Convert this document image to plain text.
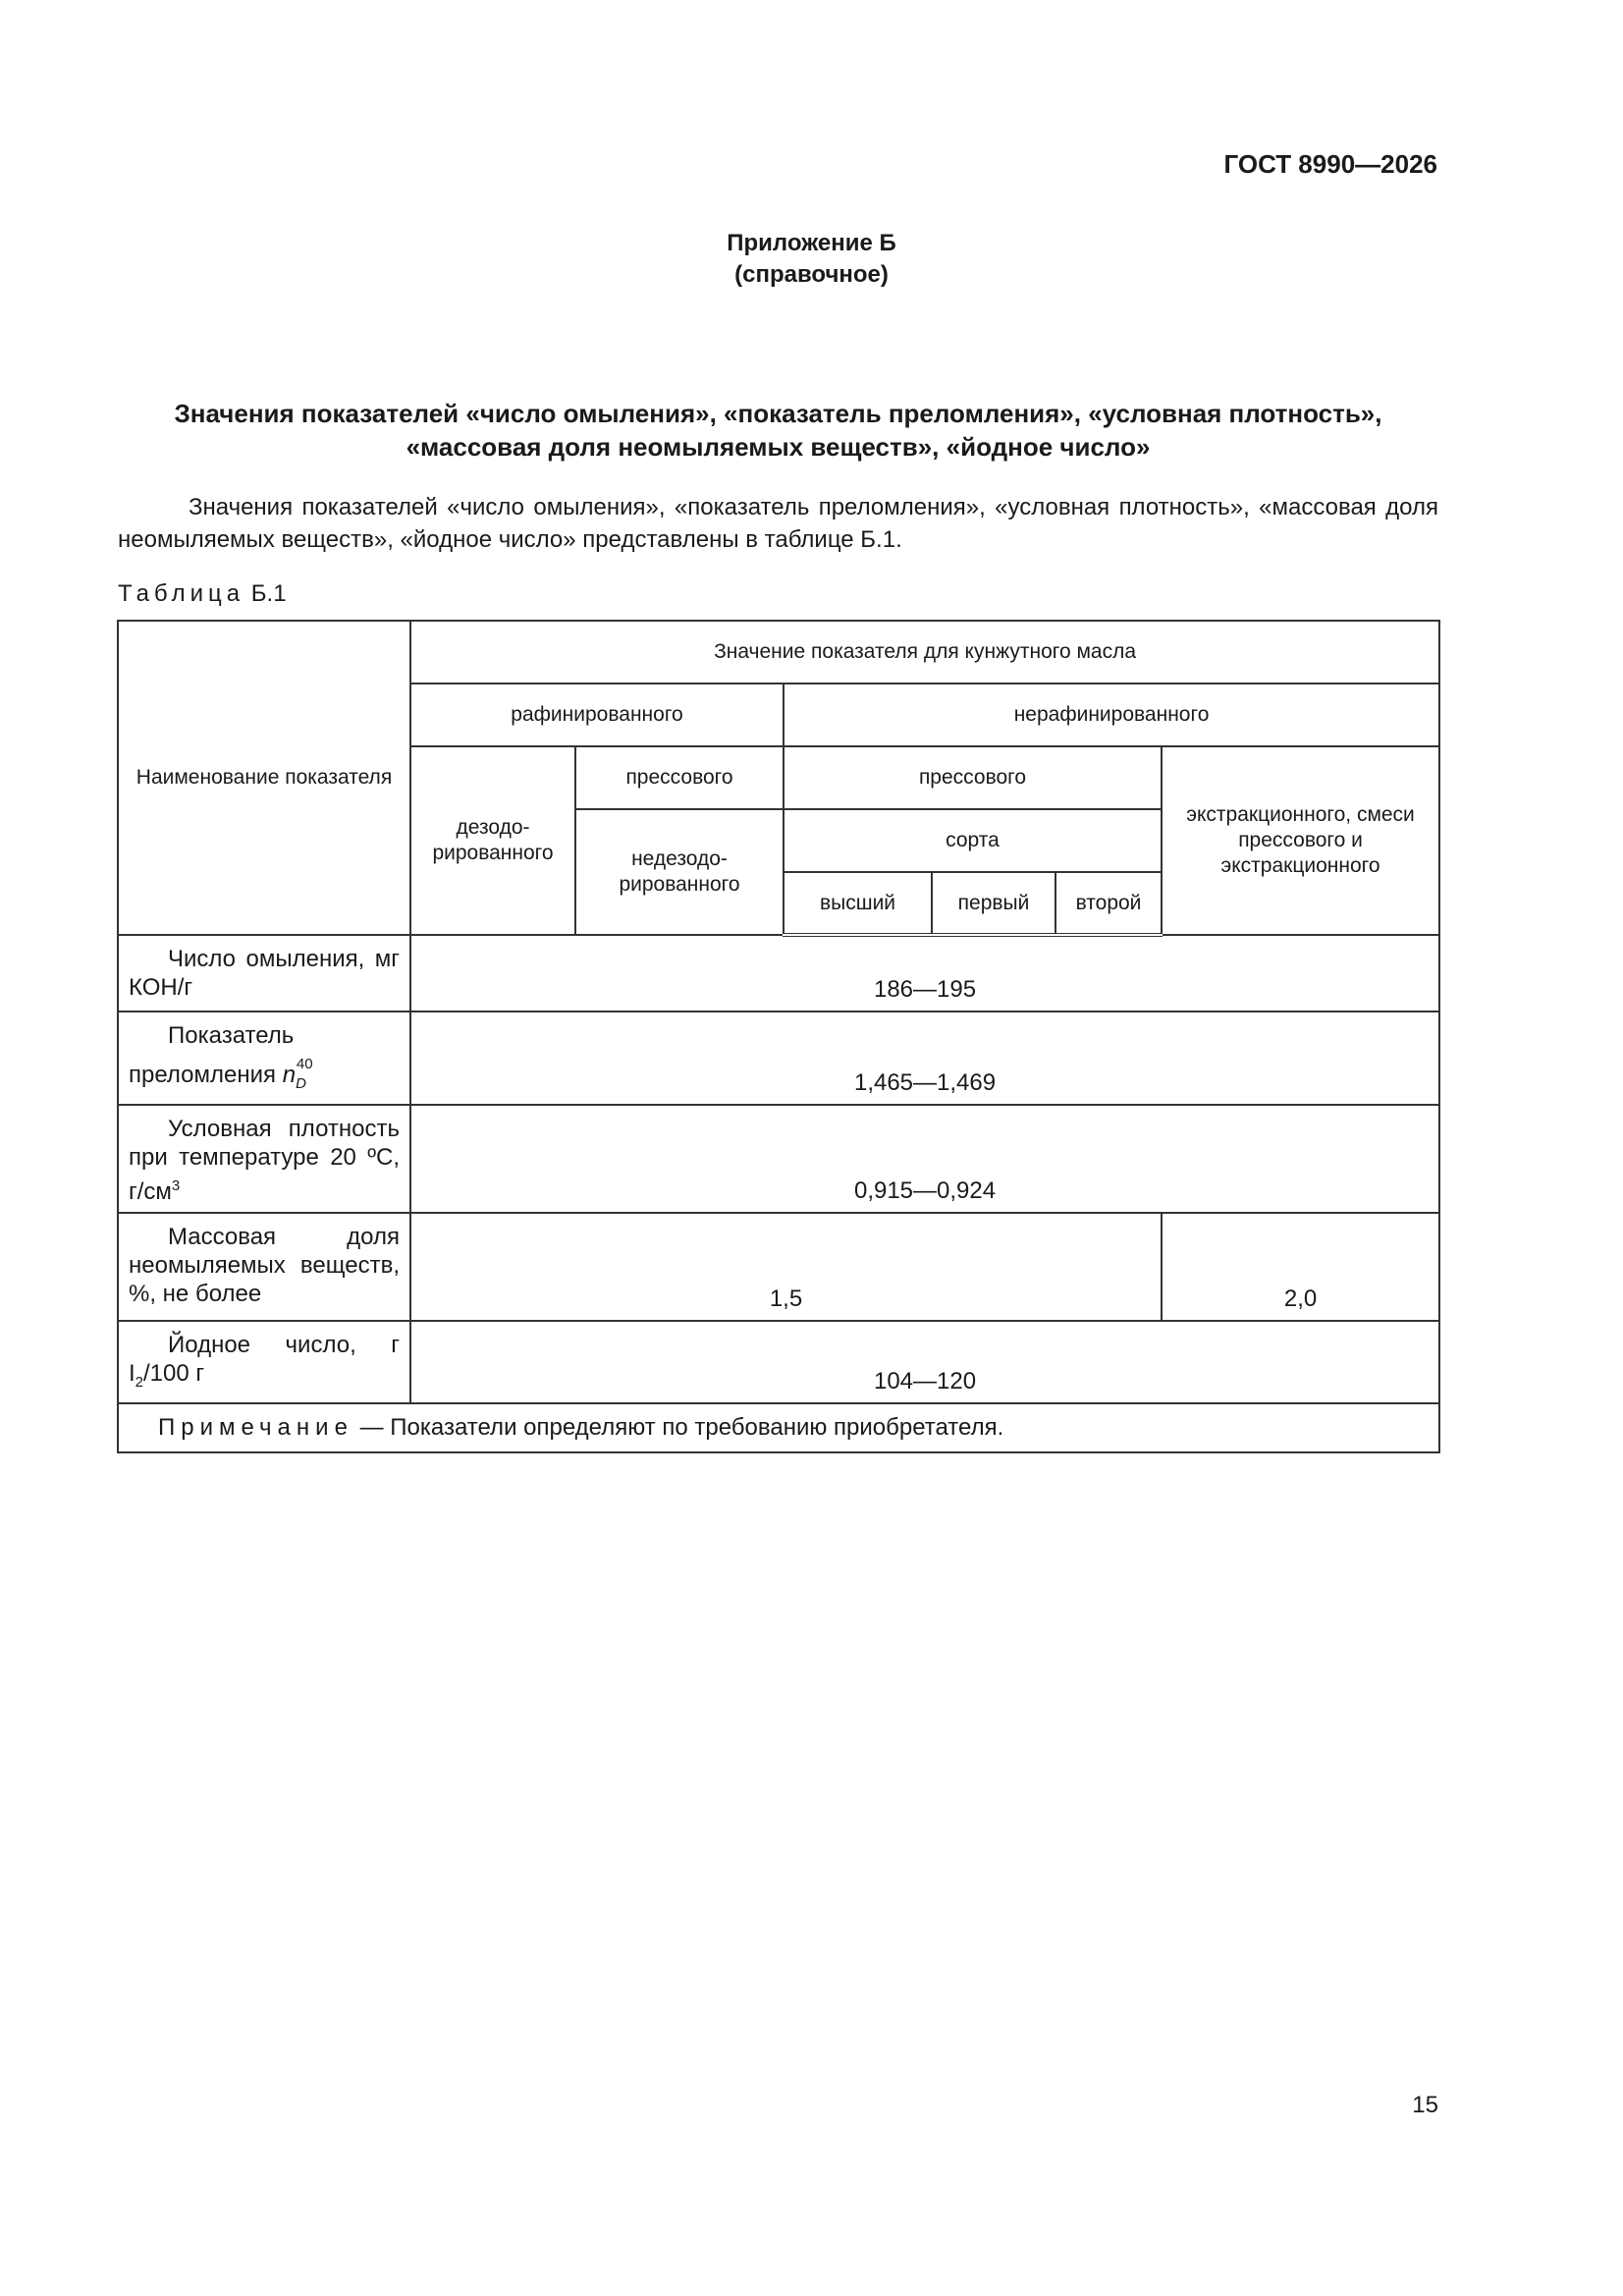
ГОСТ 8990—2026
Приложение Б
(справочное)
Значения показателей «число омыления», «показатель преломления», «условная плотность»,
«массовая доля неомыляемых веществ», «йодное число»
Значения показателей «число омыления», «показатель преломления», «условная плотность», «массовая доля неомыляемых веществ», «йодное число» представлены в таблице Б.1.
Таблица Б.1
Наименование показателя	Значение показателя для кунжутного масла					
	рафинированного		нерафинированного			
	дезодо-рированного	прессового	прессового			экстракционного, смеси прессового и экстракционного
		недезодо-рированного	сорта			
			высший	первый	второй	
Число омыления, мг КОН/г	186—195					
Показатель преломления $n_D^{40}$	1,465—1,469					
Условная плотность при температуре 20 ºС, $г/см^3$	0,915—0,924					
Массовая доля неомыляемых веществ, %, не более	1,5					2,0
Йодное число, г $I_2/100$ г	104—120					
Примечание — Показатели определяют по требованию приобретателя.						
15
